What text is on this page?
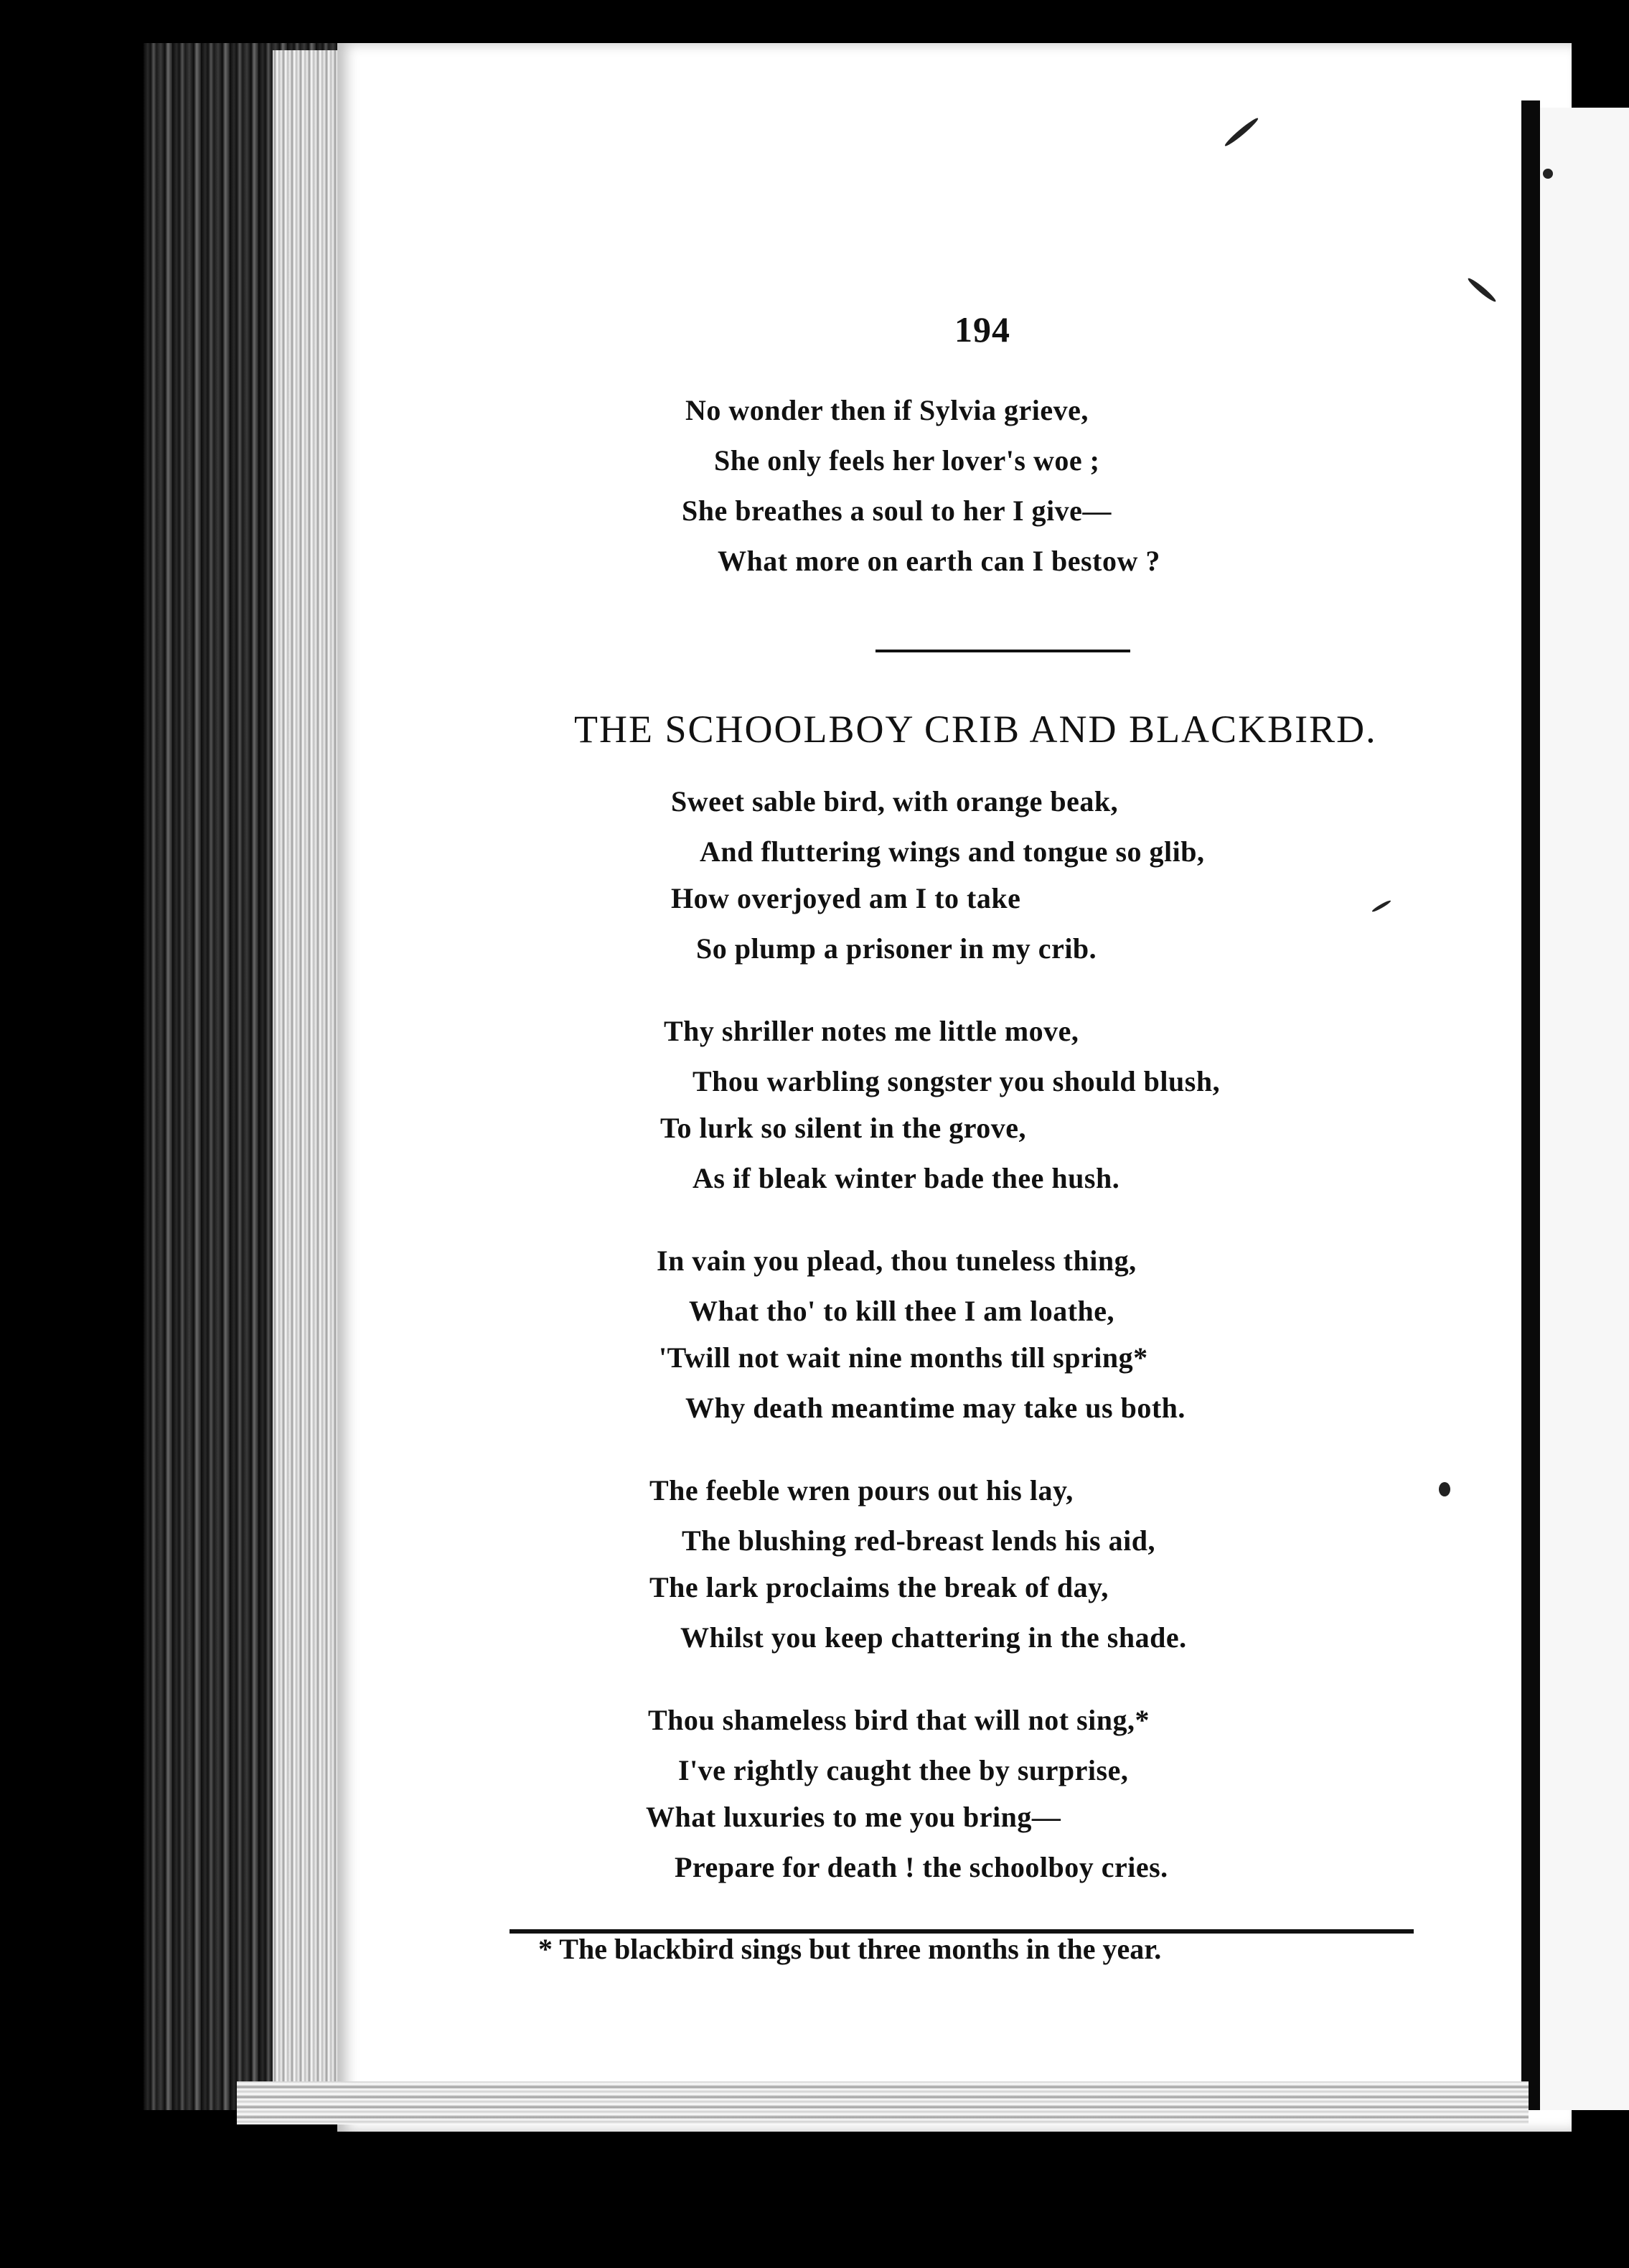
194
No wonder then if Sylvia grieve,
She only feels her lover's woe ;
She breathes a soul to her I give—
What more on earth can I bestow ?
THE SCHOOLBOY CRIB AND BLACKBIRD.
Sweet sable bird, with orange beak,
And fluttering wings and tongue so glib,
How overjoyed am I to take
So plump a prisoner in my crib.
Thy shriller notes me little move,
Thou warbling songster you should blush,
To lurk so silent in the grove,
As if bleak winter bade thee hush.
In vain you plead, thou tuneless thing,
What tho' to kill thee I am loathe,
'Twill not wait nine months till spring*
Why death meantime may take us both.
The feeble wren pours out his lay,
The blushing red-breast lends his aid,
The lark proclaims the break of day,
Whilst you keep chattering in the shade.
Thou shameless bird that will not sing,*
I've rightly caught thee by surprise,
What luxuries to me you bring—
Prepare for death ! the schoolboy cries.
* The blackbird sings but three months in the year.
